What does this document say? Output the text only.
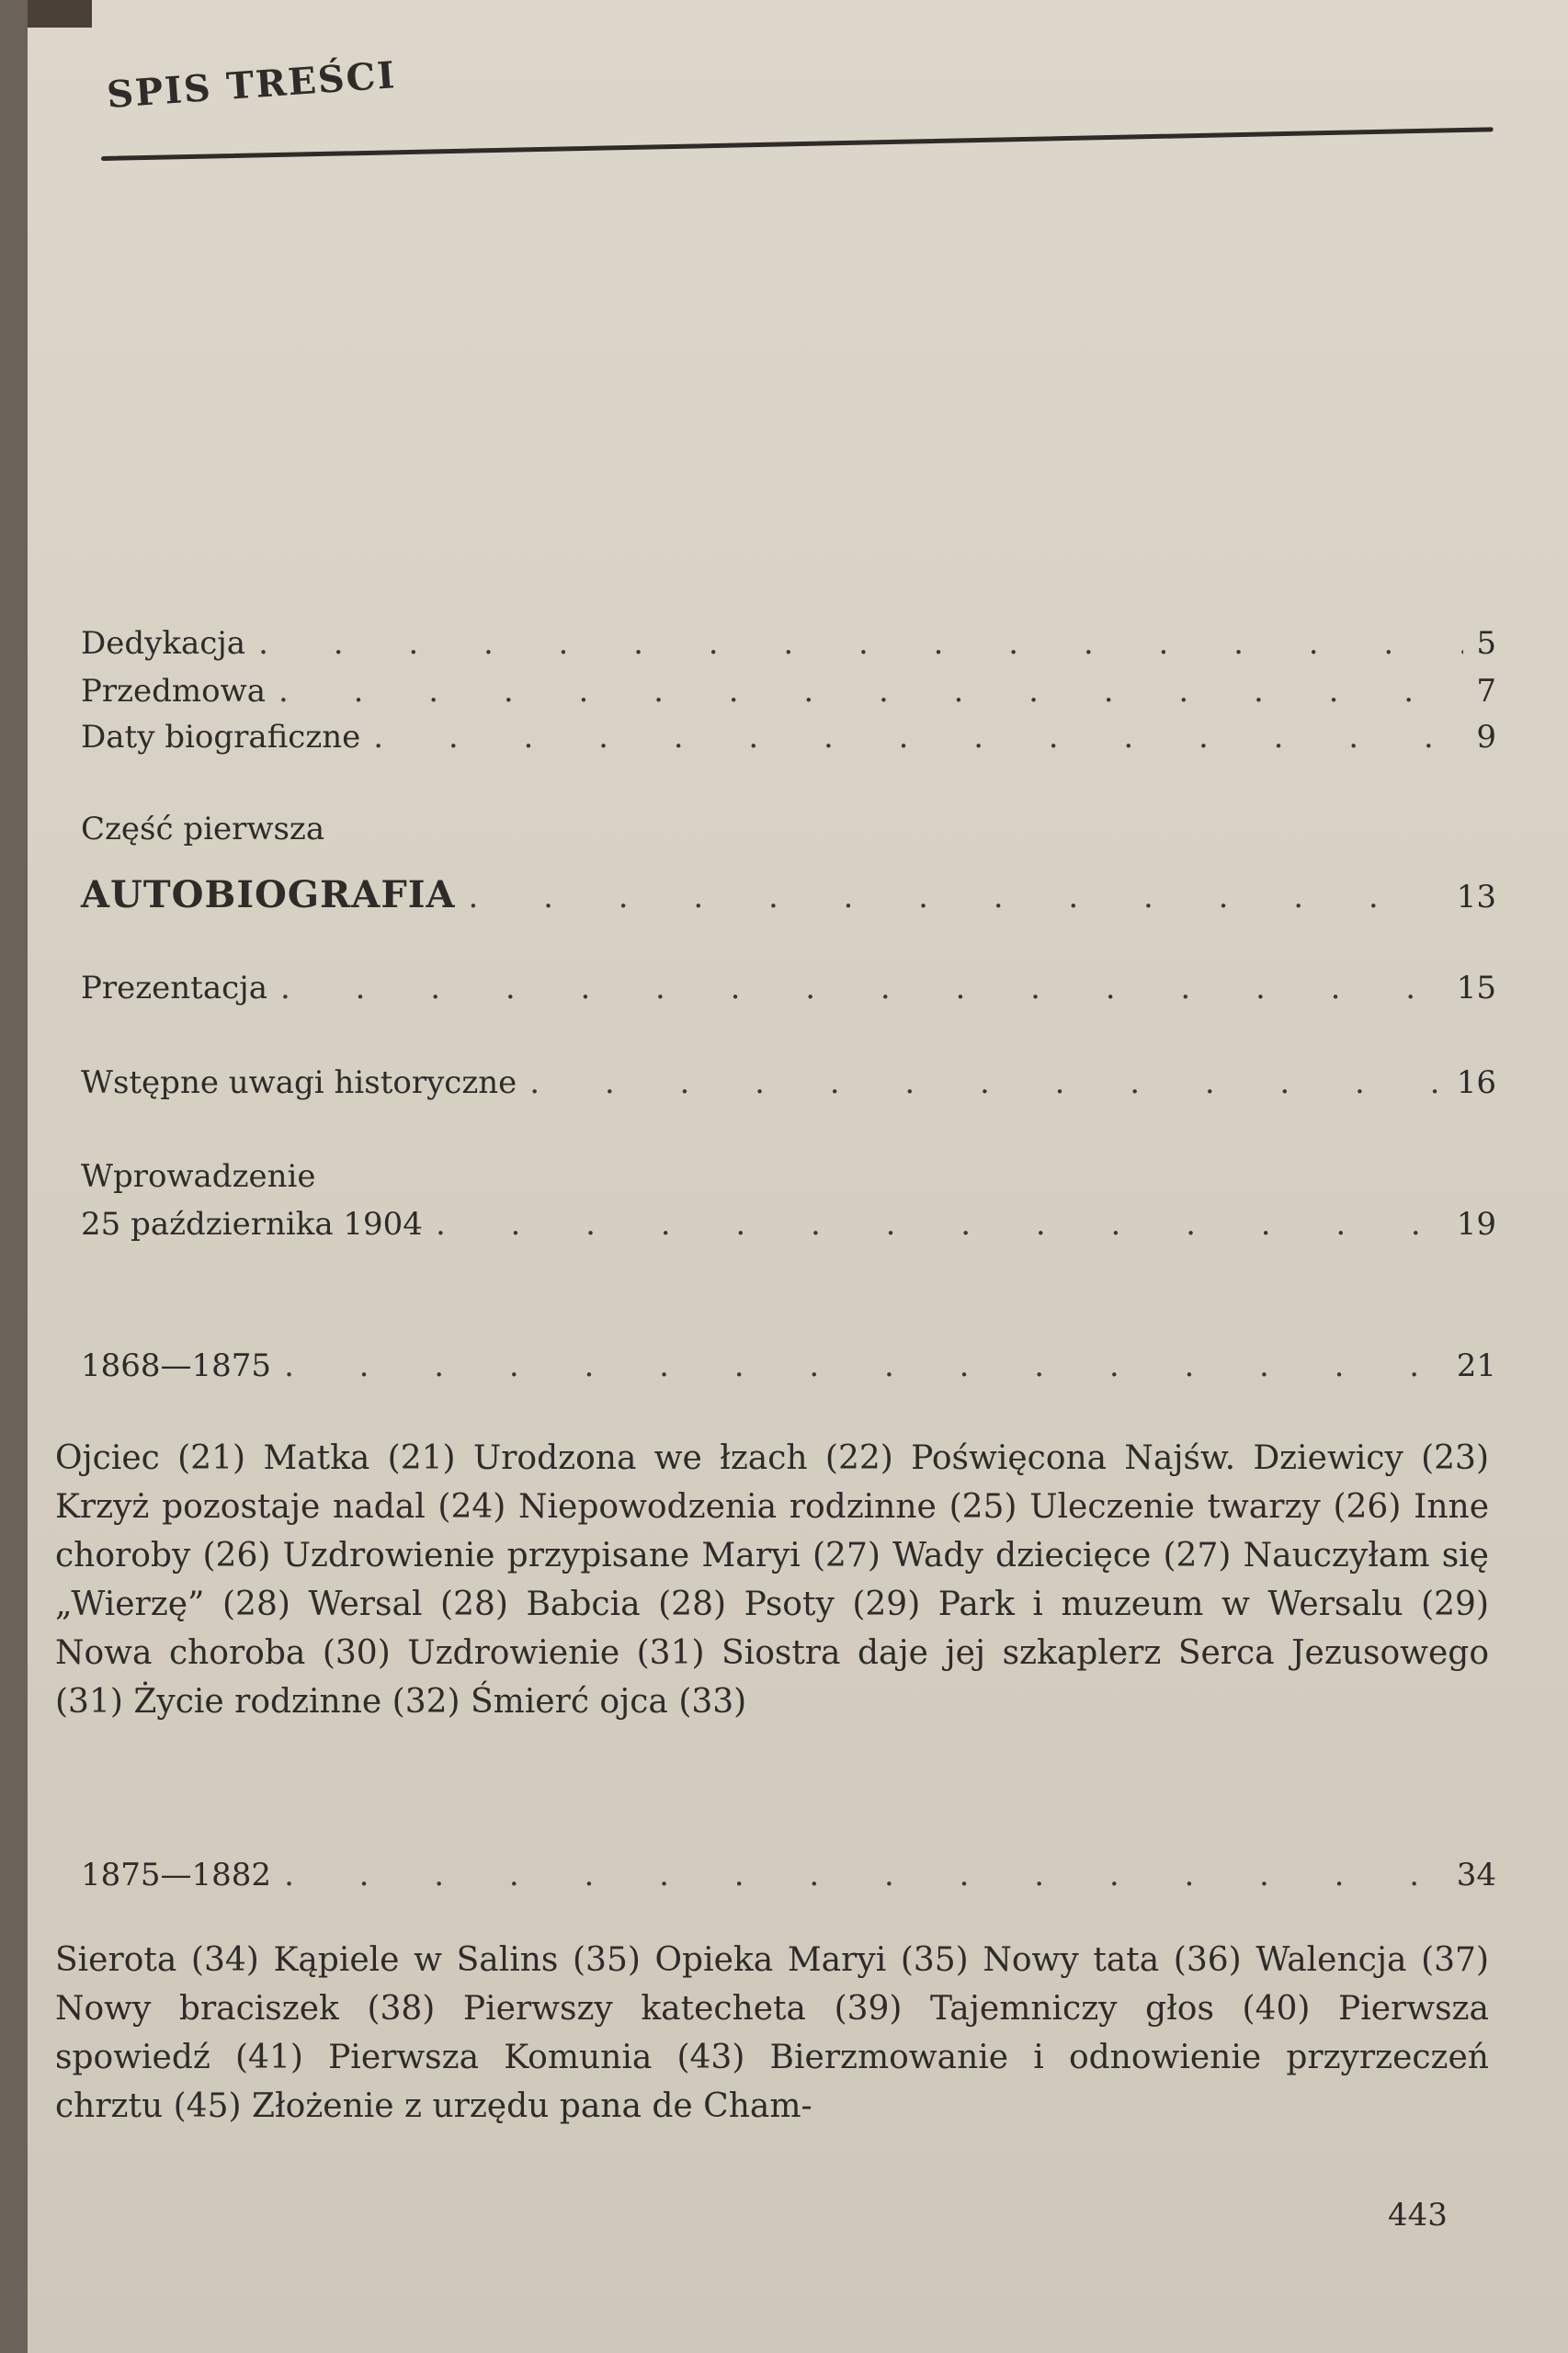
SPIS TREŚCI
Dedykacja . . .	5
Przedmowa . . .	7
Daty biograficzne . . .	9
Część pierwsza
AUTOBIOGRAFIA . . .	13
Prezentacja . . .	15
Wstępne uwagi historyczne . . .	16
Wprowadzenie
25 października 1904 . . .	19
1868—1875 . . .	21
Ojciec (21) Matka (21) Urodzona we łzach (22) Poświęcona Najśw. Dziewicy (23) Krzyż pozostaje nadal (24) Niepowodzenia rodzinne (25) Uleczenie twarzy (26) Inne choroby (26) Uzdrowienie przypisane Maryi (27) Wady dziecięce (27) Nauczyłam się „Wierzę” (28) Wersal (28) Babcia (28) Psoty (29) Park i muzeum w Wersalu (29) Nowa choroba (30) Uzdrowienie (31) Siostra daje jej szkaplerz Serca Jezusowego (31) Życie rodzinne (32) Śmierć ojca (33)
1875—1882 . . .	34
Sierota (34) Kąpiele w Salins (35) Opieka Maryi (35) Nowy tata (36) Walencja (37) Nowy braciszek (38) Pierwszy katecheta (39) Tajemniczy głos (40) Pierwsza spowiedź (41) Pierwsza Komunia (43) Bierzmowanie i odnowienie przyrzeczeń chrztu (45) Złożenie z urzędu pana de Cham-
443
